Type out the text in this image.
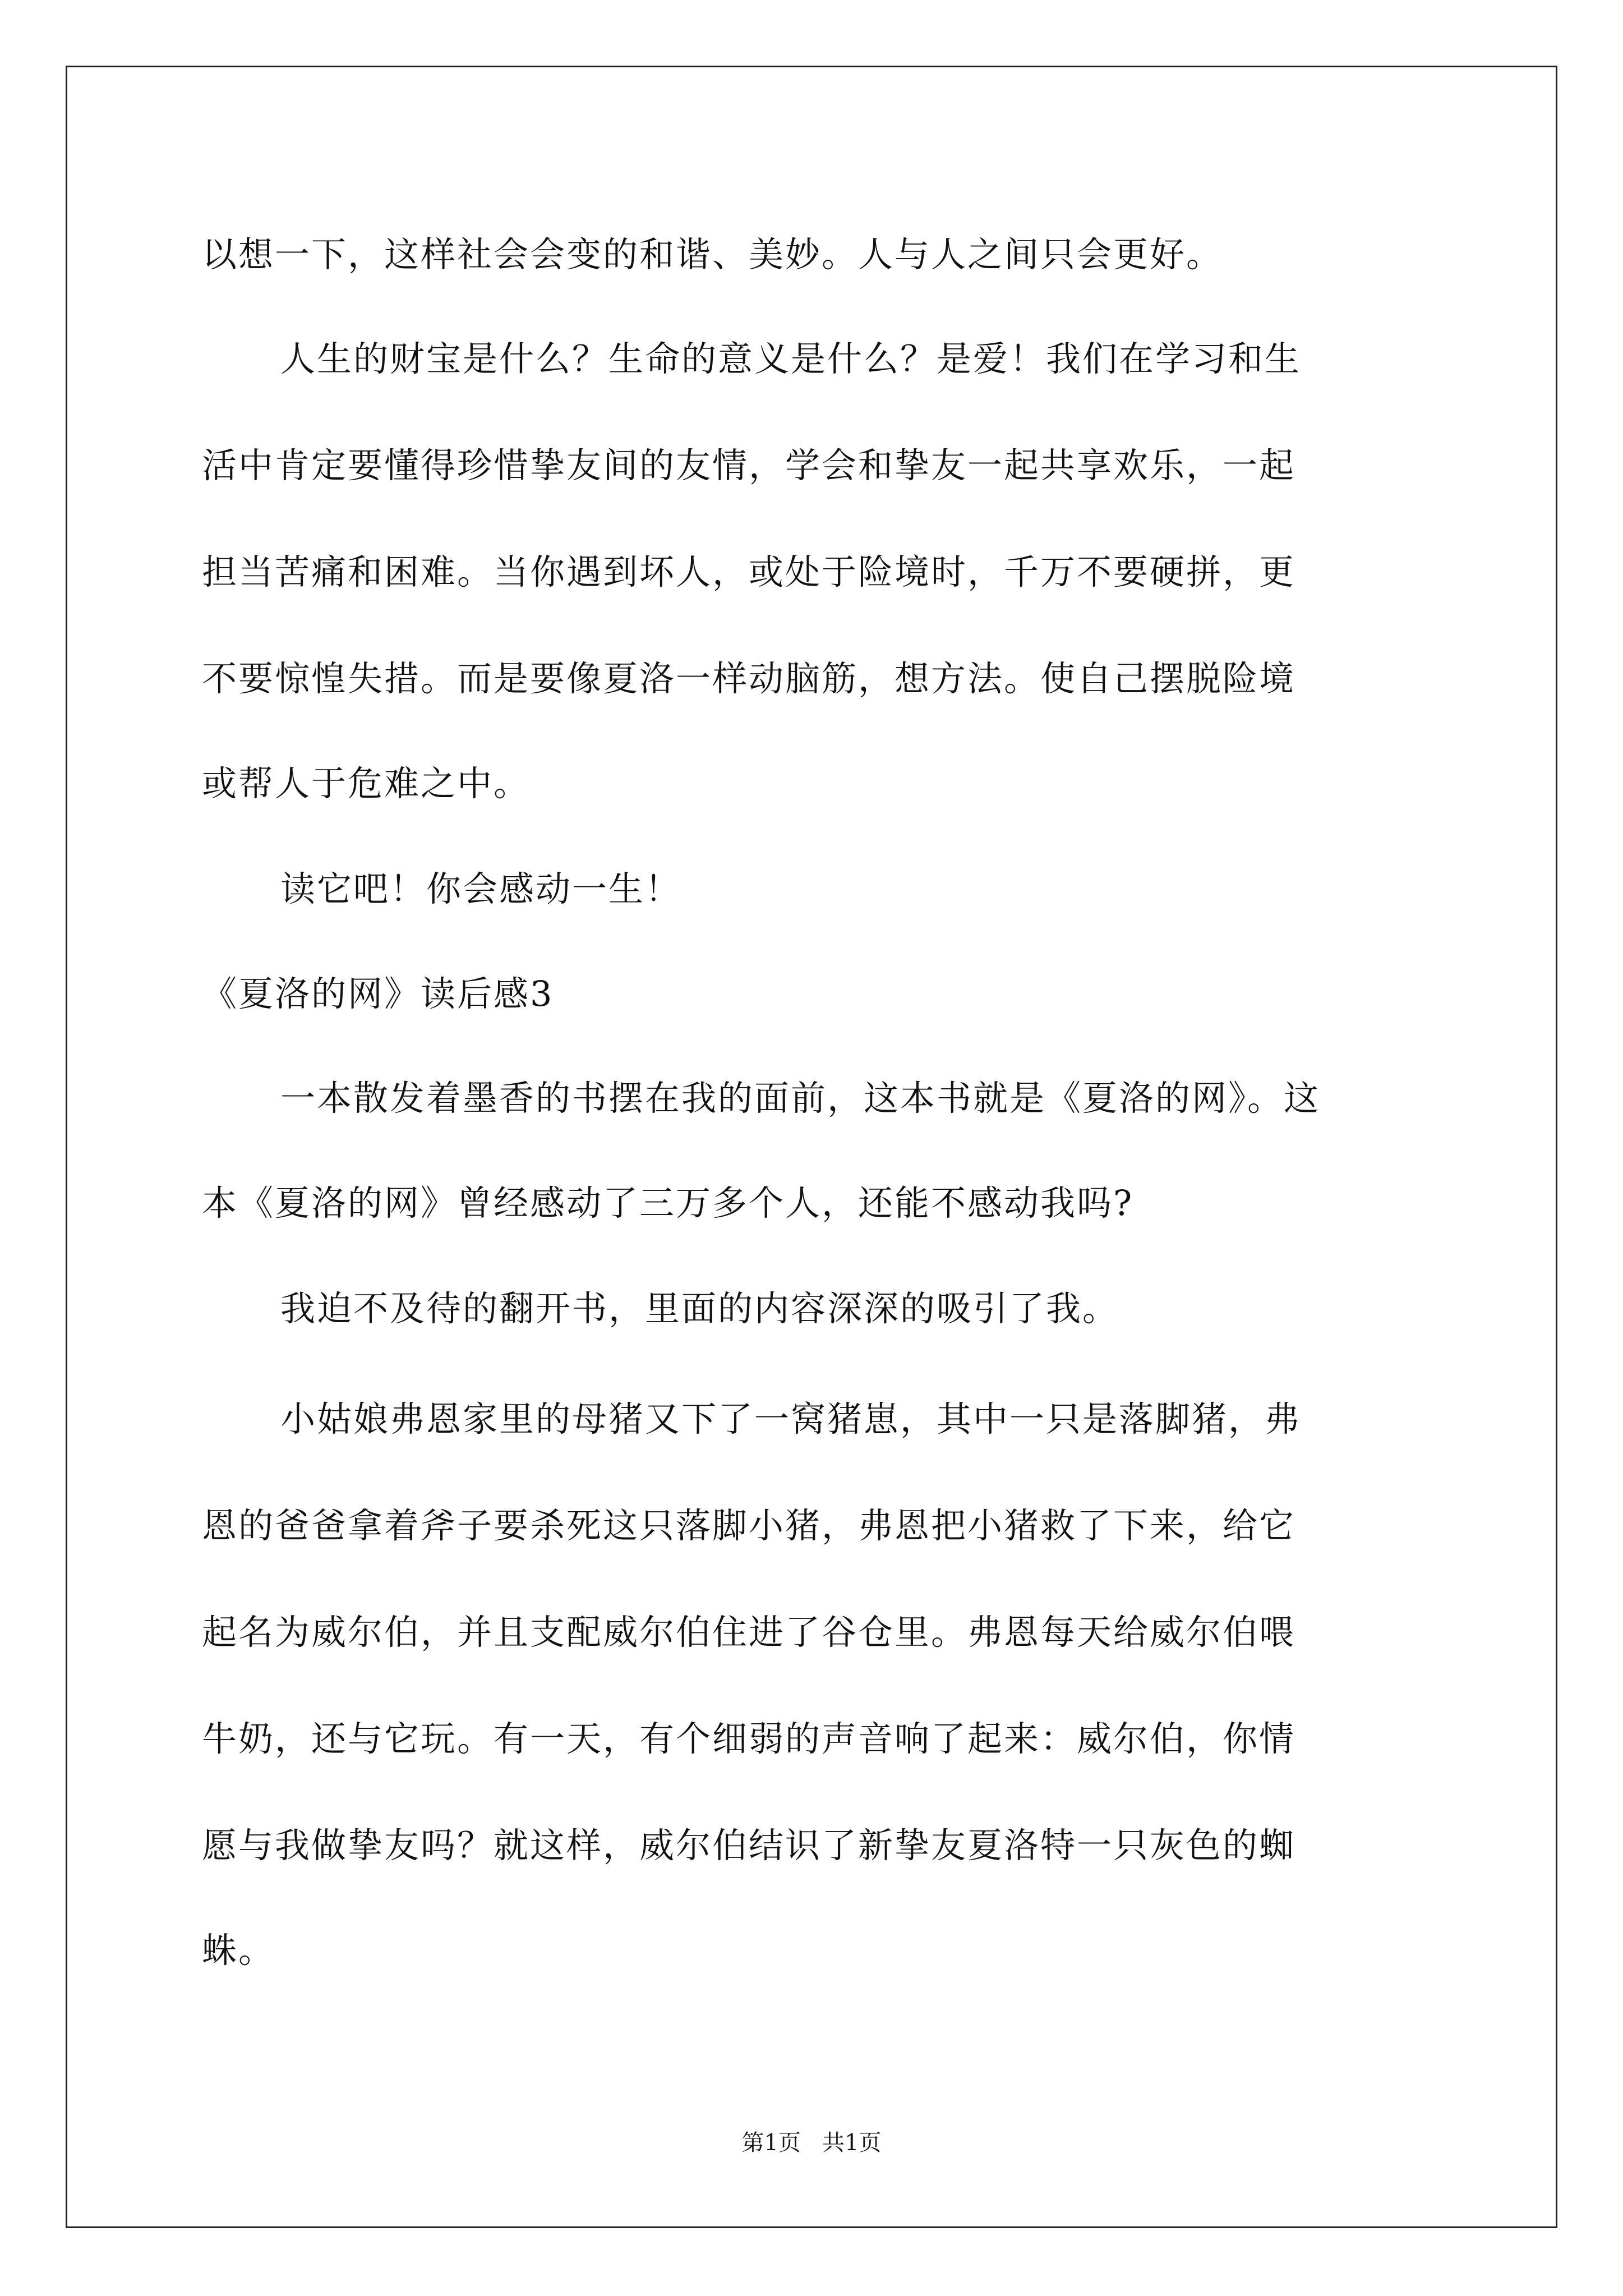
以想一下，这样社会会变的和谐、美妙。人与人之间只会更好。
人生的财宝是什么？生命的意义是什么？是爱！我们在学习和生
活中肯定要懂得珍惜挚友间的友情，学会和挚友一起共享欢乐，一起
担当苦痛和困难。当你遇到坏人，或处于险境时，千万不要硬拼，更
不要惊惶失措。而是要像夏洛一样动脑筋，想方法。使自己摆脱险境
或帮人于危难之中。
读它吧！你会感动一生！
《夏洛的网》读后感3
一本散发着墨香的书摆在我的面前，这本书就是《夏洛的网》。这
本《夏洛的网》曾经感动了三万多个人，还能不感动我吗?
我迫不及待的翻开书，里面的内容深深的吸引了我。
小姑娘弗恩家里的母猪又下了一窝猪崽，其中一只是落脚猪，弗
恩的爸爸拿着斧子要杀死这只落脚小猪，弗恩把小猪救了下来，给它
起名为威尔伯，并且支配威尔伯住进了谷仓里。弗恩每天给威尔伯喂
牛奶，还与它玩。有一天，有个细弱的声音响了起来：威尔伯，你情
愿与我做挚友吗？就这样，威尔伯结识了新挚友夏洛特一只灰色的蜘
蛛。
第1页   共1页
